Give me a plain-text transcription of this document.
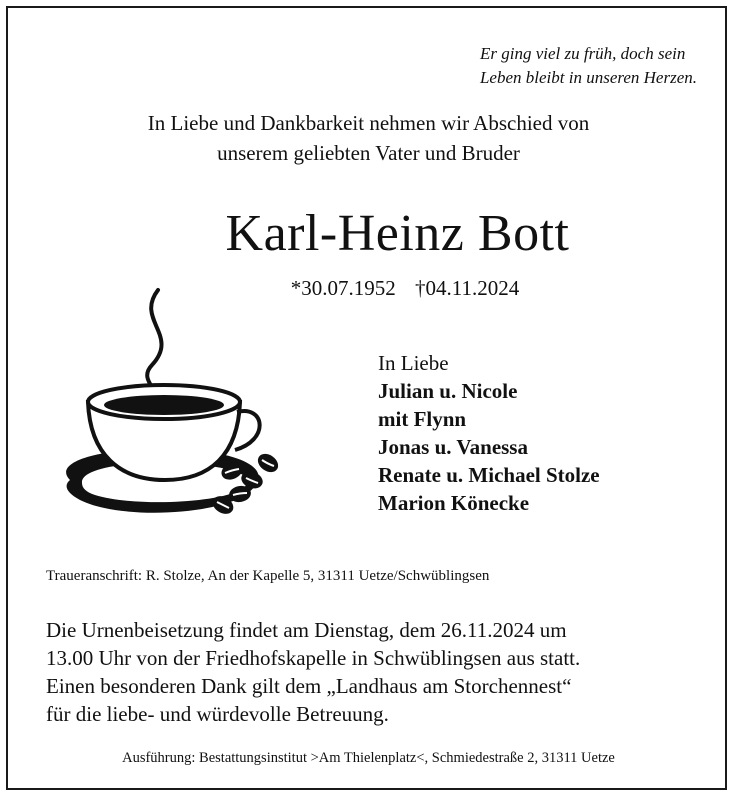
Er ging viel zu früh, doch sein
Leben bleibt in unseren Herzen.
In Liebe und Dankbarkeit nehmen wir Abschied von
unserem geliebten Vater und Bruder
Karl-Heinz Bott
*30.07.1952 †04.11.2024
In Liebe
Julian u. Nicole
mit Flynn
Jonas u. Vanessa
Renate u. Michael Stolze
Marion Könecke
Traueranschrift: R. Stolze, An der Kapelle 5, 31311 Uetze/Schwüblingsen
Die Urnenbeisetzung findet am Dienstag, dem 26.11.2024 um
13.00 Uhr von der Friedhofskapelle in Schwüblingsen aus statt.
Einen besonderen Dank gilt dem „Landhaus am Storchennest“
für die liebe- und würdevolle Betreuung.
Ausführung: Bestattungsinstitut >Am Thielenplatz<, Schmiedestraße 2, 31311 Uetze
